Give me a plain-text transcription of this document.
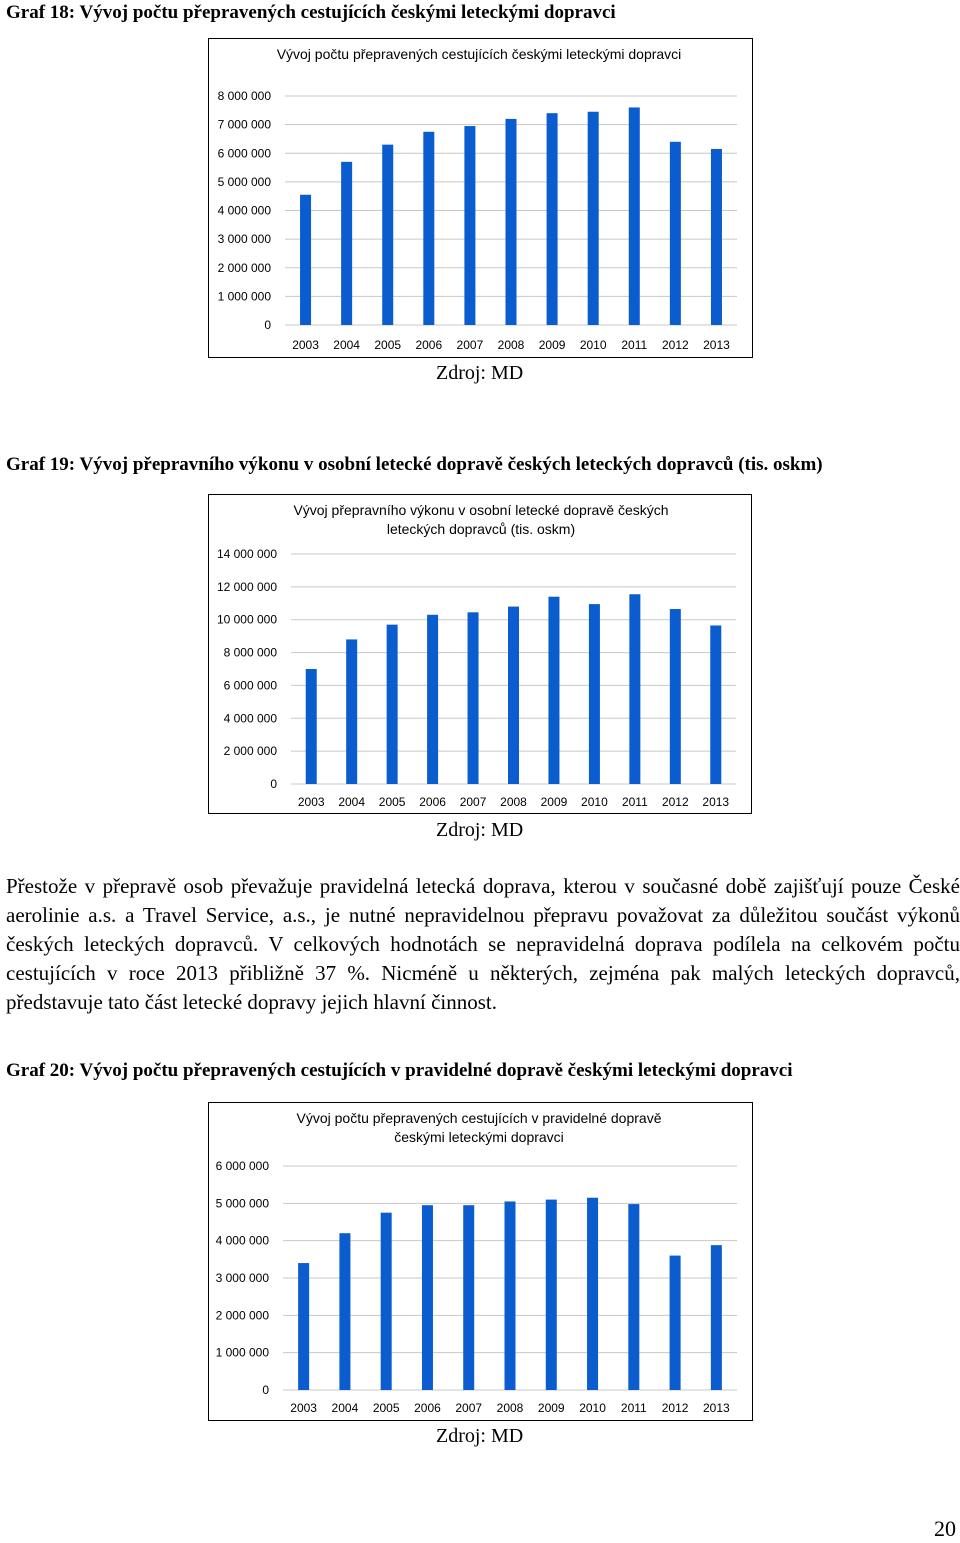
Graf 18: Vývoj počtu přepravených cestujících českými leteckými dopravci
0
1 000 000
2 000 000
3 000 000
4 000 000
5 000 000
6 000 000
7 000 000
8 000 000
2003 2004 2005 2006 2007 2008 2009 2010 2011 2012 2013
Vývoj počtu přepravených cestujících českými leteckými dopravci
Zdroj: MD
Graf 19: Vývoj přepravního výkonu v osobní letecké dopravě českých leteckých dopravců (tis. oskm)
0
2 000 000
4 000 000
6 000 000
8 000 000
10 000 000
12 000 000
14 000 000
2003 2004 2005 2006 2007 2008 2009 2010 2011 2012 2013
Vývoj přepravního výkonu v osobní letecké dopravě českých leteckých dopravců (tis. oskm)
Zdroj: MD
Přestože v přepravě osob převažuje pravidelná letecká doprava, kterou v současné době zajišťují pouze České aerolinie a.s. a Travel Service, a.s., je nutné nepravidelnou přepravu považovat za důležitou součást výkonů českých leteckých dopravců. V celkových hodnotách se nepravidelná doprava podílela na celkovém počtu cestujících v roce 2013 přibližně 37 %. Nicméně u některých, zejména pak malých leteckých dopravců, představuje tato část letecké dopravy jejich hlavní činnost.
Graf 20: Vývoj počtu přepravených cestujících v pravidelné dopravě českými leteckými dopravci
0
1 000 000
2 000 000
3 000 000
4 000 000
5 000 000
6 000 000
2003 2004 2005 2006 2007 2008 2009 2010 2011 2012 2013
Vývoj počtu přepravených cestujících v pravidelné dopravě českými leteckými dopravci
Zdroj: MD
20
